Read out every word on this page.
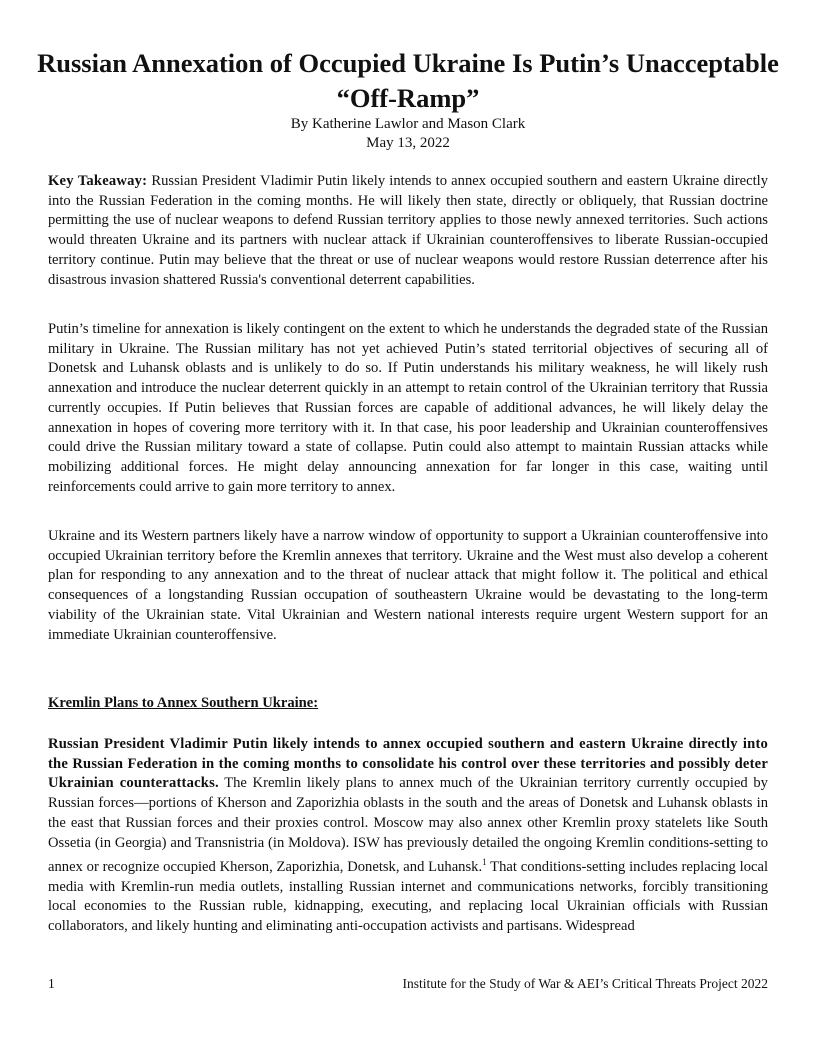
Russian Annexation of Occupied Ukraine Is Putin’s Unacceptable “Off-Ramp”
By Katherine Lawlor and Mason Clark
May 13, 2022

Key Takeaway: Russian President Vladimir Putin likely intends to annex occupied southern and eastern Ukraine directly into the Russian Federation in the coming months. He will likely then state, directly or obliquely, that Russian doctrine permitting the use of nuclear weapons to defend Russian territory applies to those newly annexed territories. Such actions would threaten Ukraine and its partners with nuclear attack if Ukrainian counteroffensives to liberate Russian-occupied territory continue. Putin may believe that the threat or use of nuclear weapons would restore Russian deterrence after his disastrous invasion shattered Russia's conventional deterrent capabilities.

Putin’s timeline for annexation is likely contingent on the extent to which he understands the degraded state of the Russian military in Ukraine. The Russian military has not yet achieved Putin’s stated territorial objectives of securing all of Donetsk and Luhansk oblasts and is unlikely to do so. If Putin understands his military weakness, he will likely rush annexation and introduce the nuclear deterrent quickly in an attempt to retain control of the Ukrainian territory that Russia currently occupies. If Putin believes that Russian forces are capable of additional advances, he will likely delay the annexation in hopes of covering more territory with it. In that case, his poor leadership and Ukrainian counteroffensives could drive the Russian military toward a state of collapse. Putin could also attempt to maintain Russian attacks while mobilizing additional forces. He might delay announcing annexation for far longer in this case, waiting until reinforcements could arrive to gain more territory to annex.

Ukraine and its Western partners likely have a narrow window of opportunity to support a Ukrainian counteroffensive into occupied Ukrainian territory before the Kremlin annexes that territory. Ukraine and the West must also develop a coherent plan for responding to any annexation and to the threat of nuclear attack that might follow it. The political and ethical consequences of a longstanding Russian occupation of southeastern Ukraine would be devastating to the long-term viability of the Ukrainian state. Vital Ukrainian and Western national interests require urgent Western support for an immediate Ukrainian counteroffensive.

Kremlin Plans to Annex Southern Ukraine:

Russian President Vladimir Putin likely intends to annex occupied southern and eastern Ukraine directly into the Russian Federation in the coming months to consolidate his control over these territories and possibly deter Ukrainian counterattacks. The Kremlin likely plans to annex much of the Ukrainian territory currently occupied by Russian forces—portions of Kherson and Zaporizhia oblasts in the south and the areas of Donetsk and Luhansk oblasts in the east that Russian forces and their proxies control. Moscow may also annex other Kremlin proxy statelets like South Ossetia (in Georgia) and Transnistria (in Moldova). ISW has previously detailed the ongoing Kremlin conditions-setting to annex or recognize occupied Kherson, Zaporizhia, Donetsk, and Luhansk.$^1$ That conditions-setting includes replacing local media with Kremlin-run media outlets, installing Russian internet and communications networks, forcibly transitioning local economies to the Russian ruble, kidnapping, executing, and replacing local Ukrainian officials with Russian collaborators, and likely hunting and eliminating anti-occupation activists and partisans. Widespread

1	Institute for the Study of War & AEI’s Critical Threats Project 2022
